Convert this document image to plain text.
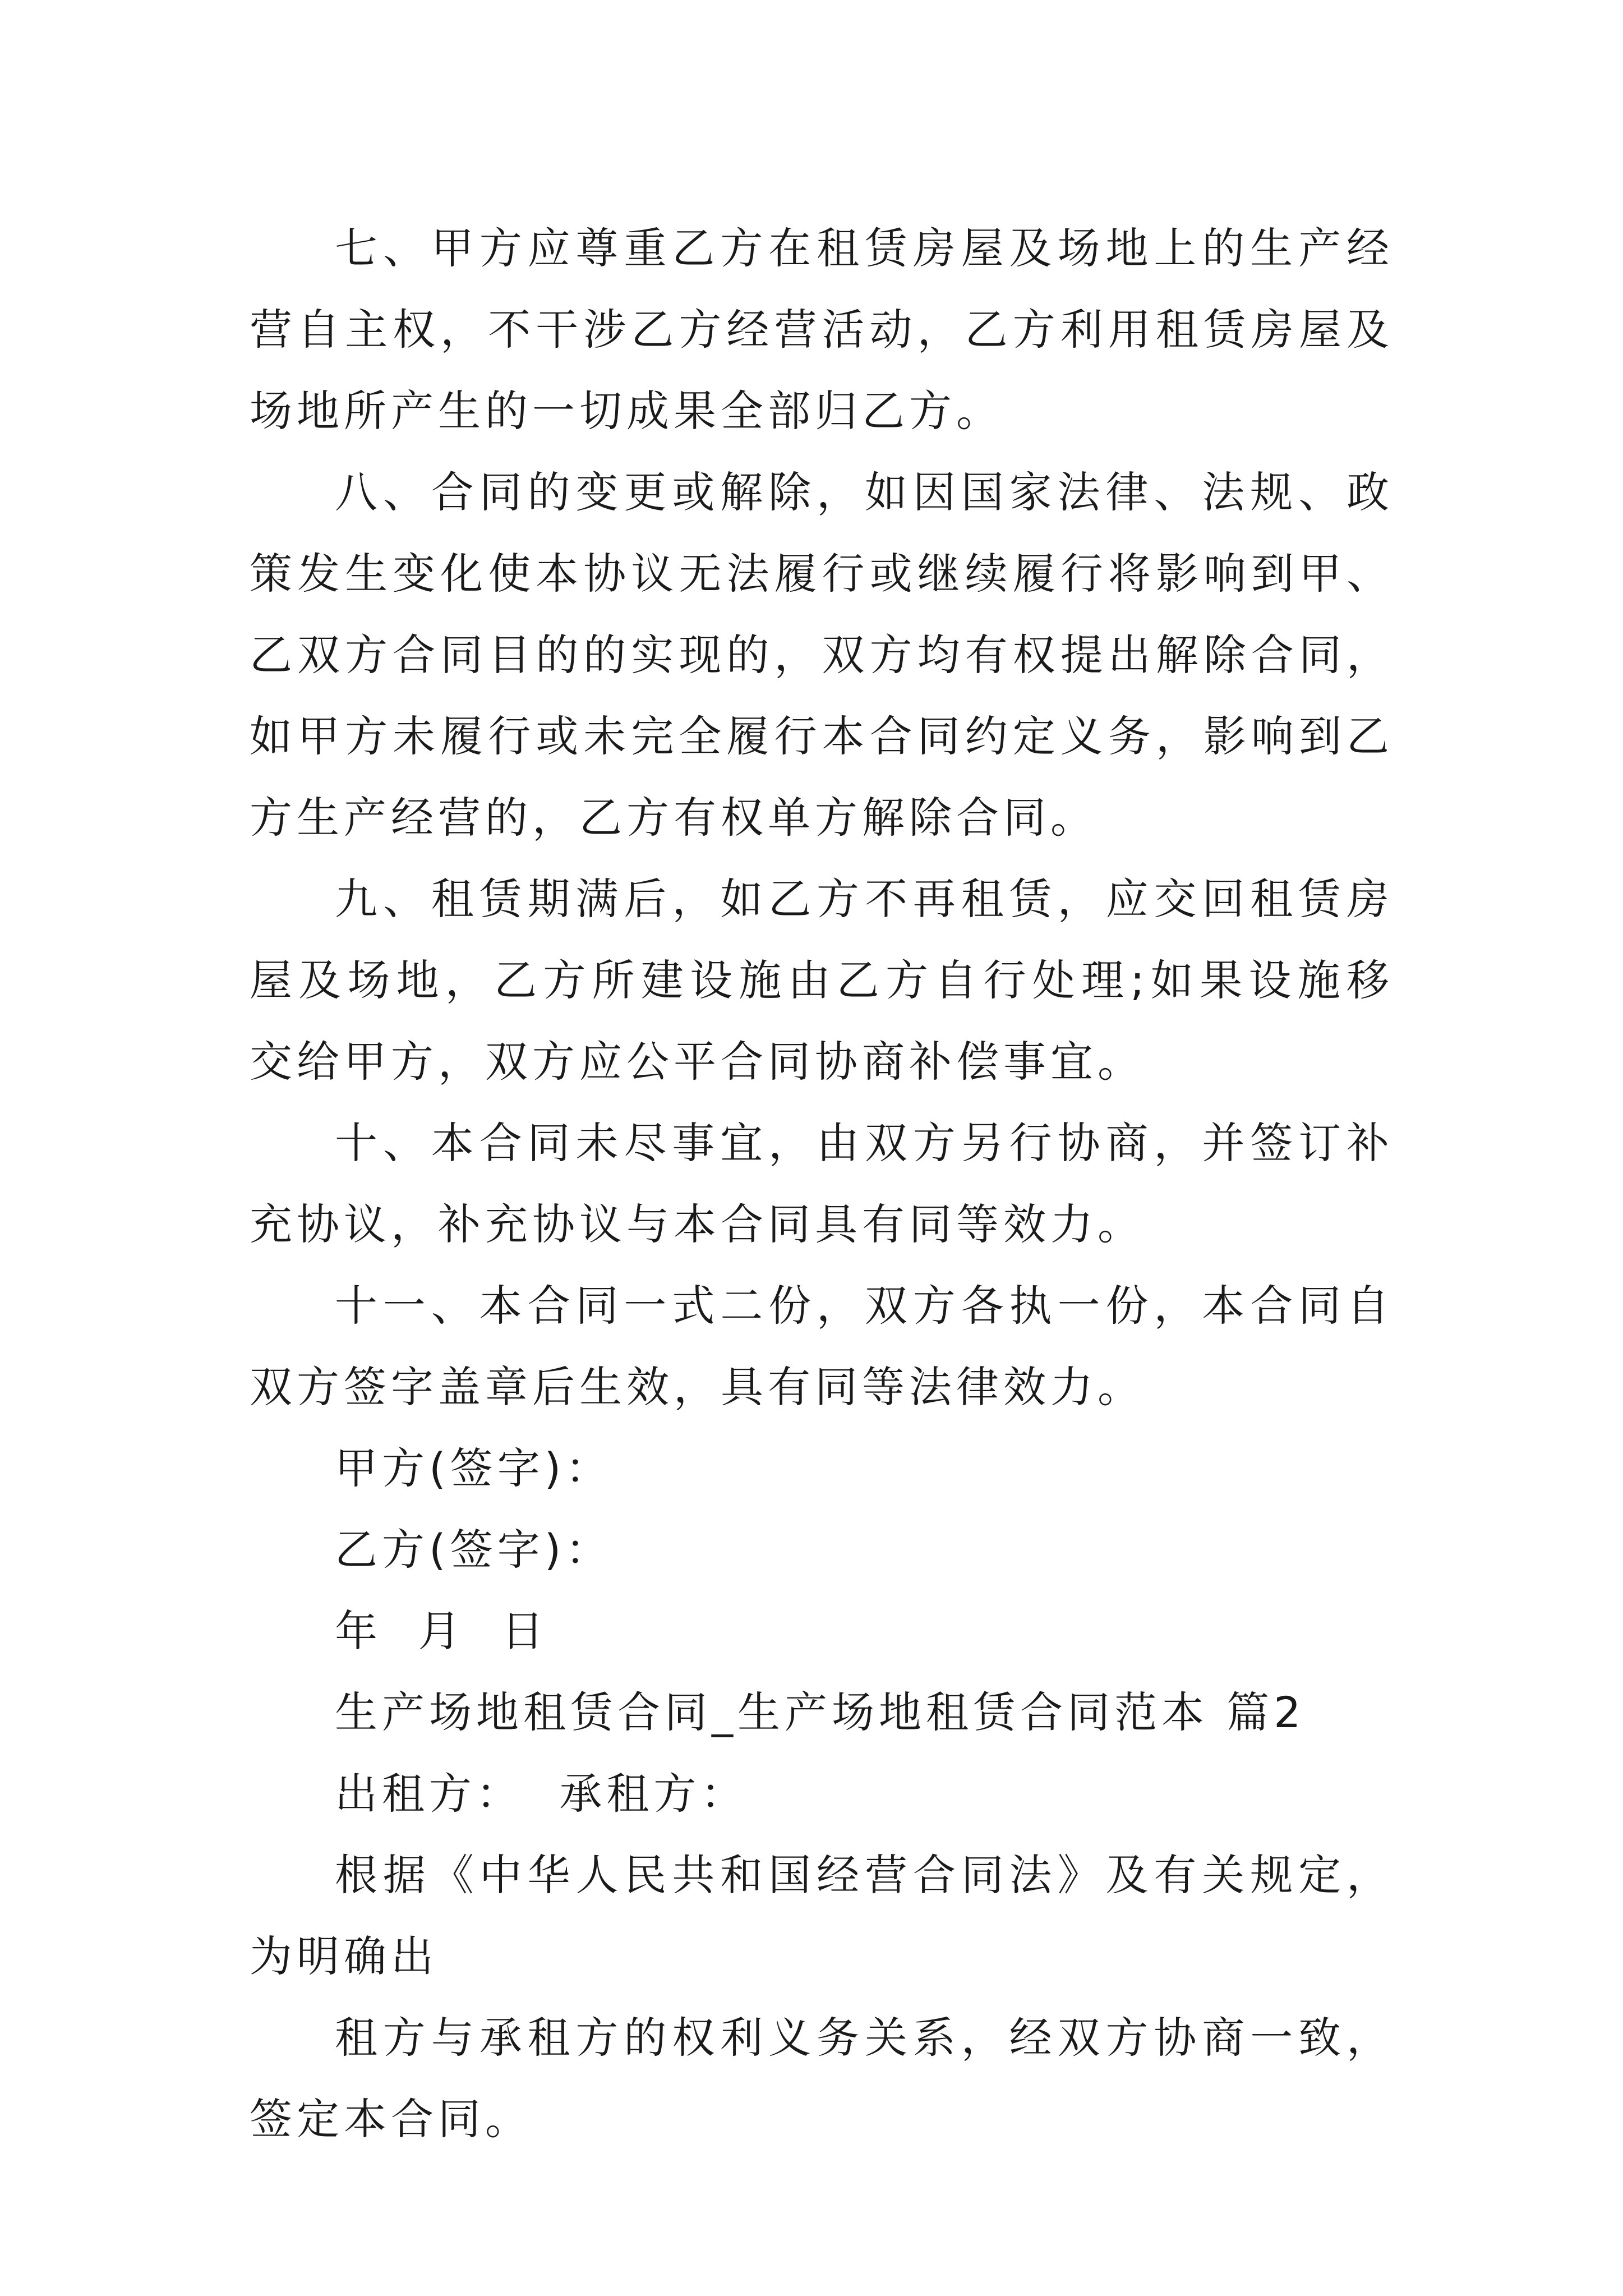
七、甲方应尊重乙方在租赁房屋及场地上的生产经营自主权，不干涉乙方经营活动，乙方利用租赁房屋及场地所产生的一切成果全部归乙方。

八、合同的变更或解除，如因国家法律、法规、政策发生变化使本协议无法履行或继续履行将影响到甲、乙双方合同目的的实现的，双方均有权提出解除合同，如甲方未履行或未完全履行本合同约定义务，影响到乙方生产经营的，乙方有权单方解除合同。

九、租赁期满后，如乙方不再租赁，应交回租赁房屋及场地，乙方所建设施由乙方自行处理;如果设施移交给甲方，双方应公平合同协商补偿事宜。

十、本合同未尽事宜，由双方另行协商，并签订补充协议，补充协议与本合同具有同等效力。

十一、本合同一式二份，双方各执一份，本合同自双方签字盖章后生效，具有同等法律效力。

甲方(签字)：

乙方(签字)：

年  月  日

生产场地租赁合同_生产场地租赁合同范本 篇2

出租方：  承租方：

根据《中华人民共和国经营合同法》及有关规定，为明确出

租方与承租方的权利义务关系，经双方协商一致，签定本合同。
